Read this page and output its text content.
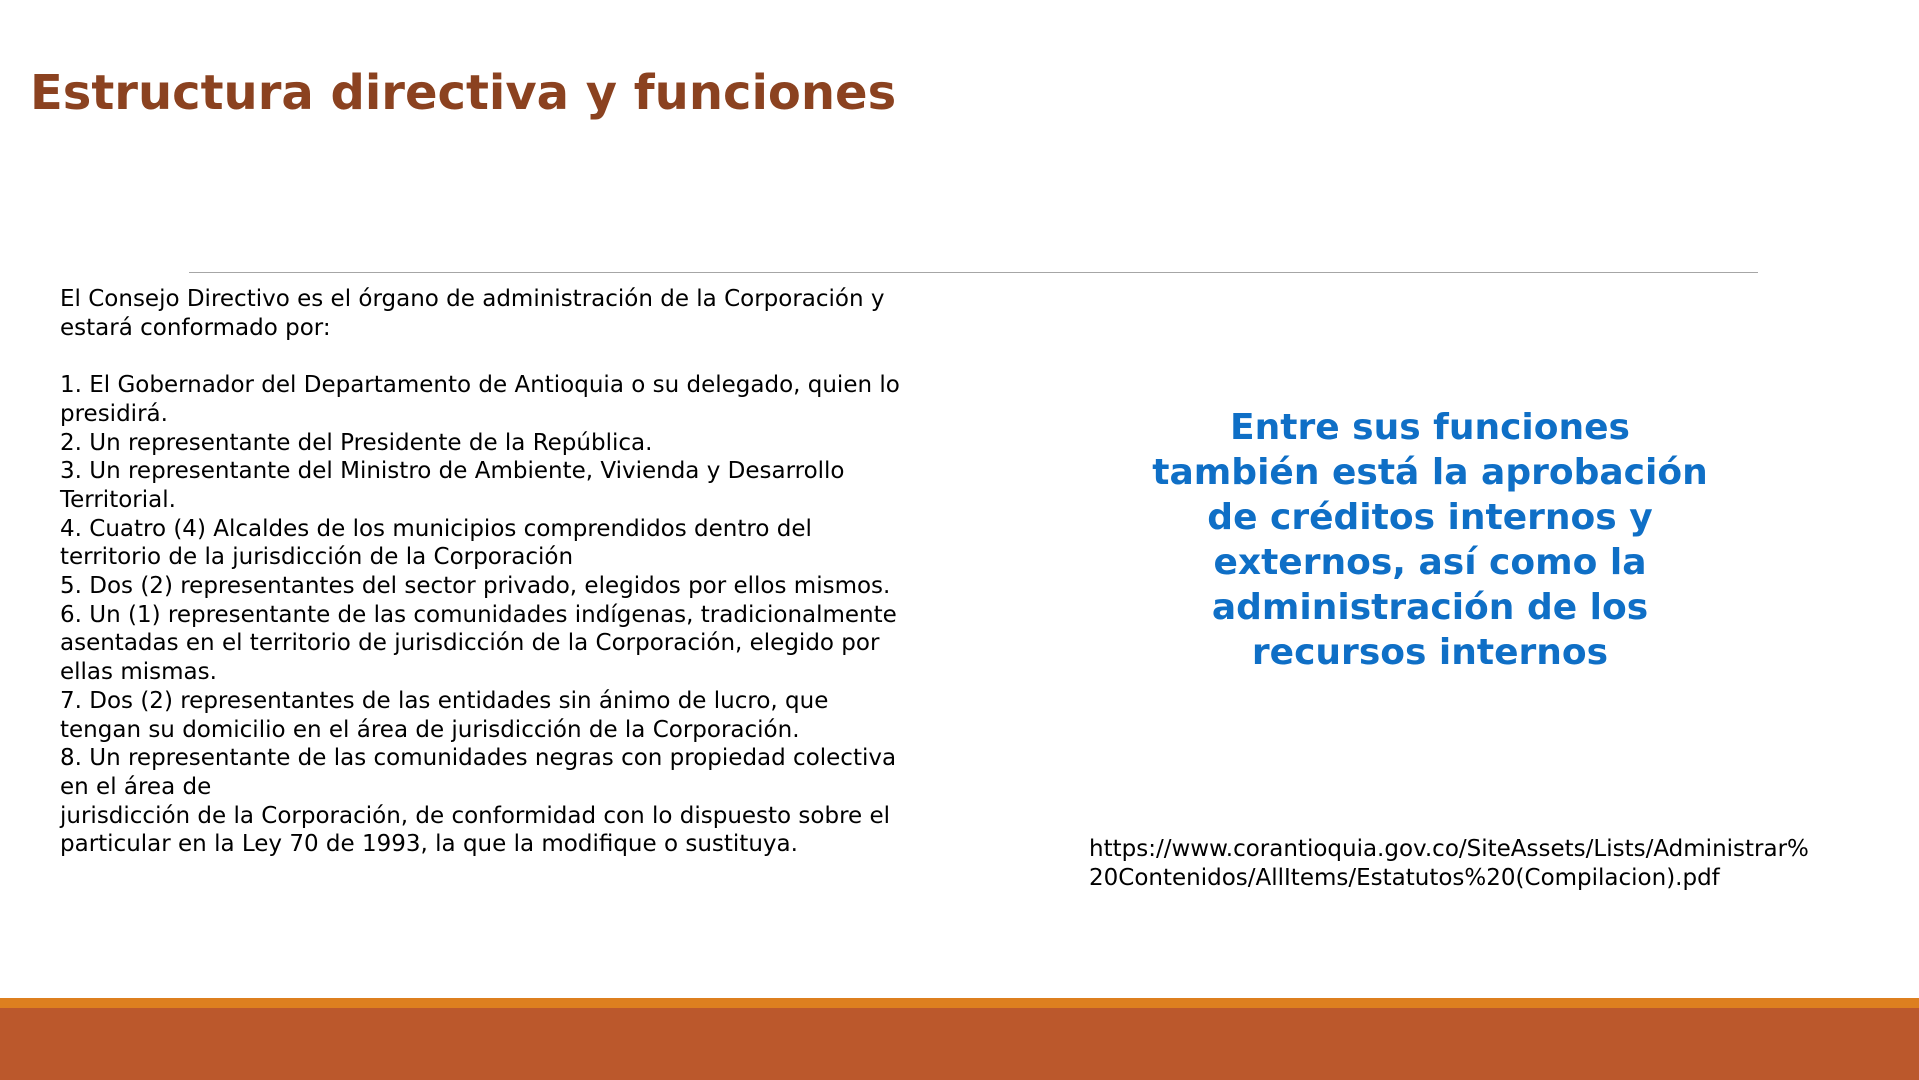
Estructura directiva y funciones
El Consejo Directivo es el órgano de administración de la Corporación y
estará conformado por:
1. El Gobernador del Departamento de Antioquia o su delegado, quien lo
presidirá.
2. Un representante del Presidente de la República.
3. Un representante del Ministro de Ambiente, Vivienda y Desarrollo
Territorial.
4. Cuatro (4) Alcaldes de los municipios comprendidos dentro del
territorio de la jurisdicción de la Corporación
5. Dos (2) representantes del sector privado, elegidos por ellos mismos.
6. Un (1) representante de las comunidades indígenas, tradicionalmente
asentadas en el territorio de jurisdicción de la Corporación, elegido por
ellas mismas.
7. Dos (2) representantes de las entidades sin ánimo de lucro, que
tengan su domicilio en el área de jurisdicción de la Corporación.
8. Un representante de las comunidades negras con propiedad colectiva
en el área de
jurisdicción de la Corporación, de conformidad con lo dispuesto sobre el
particular en la Ley 70 de 1993, la que la modifique o sustituya.
Entre sus funciones
también está la aprobación
de créditos internos y
externos, así como la
administración de los
recursos internos
https://www.corantioquia.gov.co/SiteAssets/Lists/Administrar%
20Contenidos/AllItems/Estatutos%20(Compilacion).pdf
